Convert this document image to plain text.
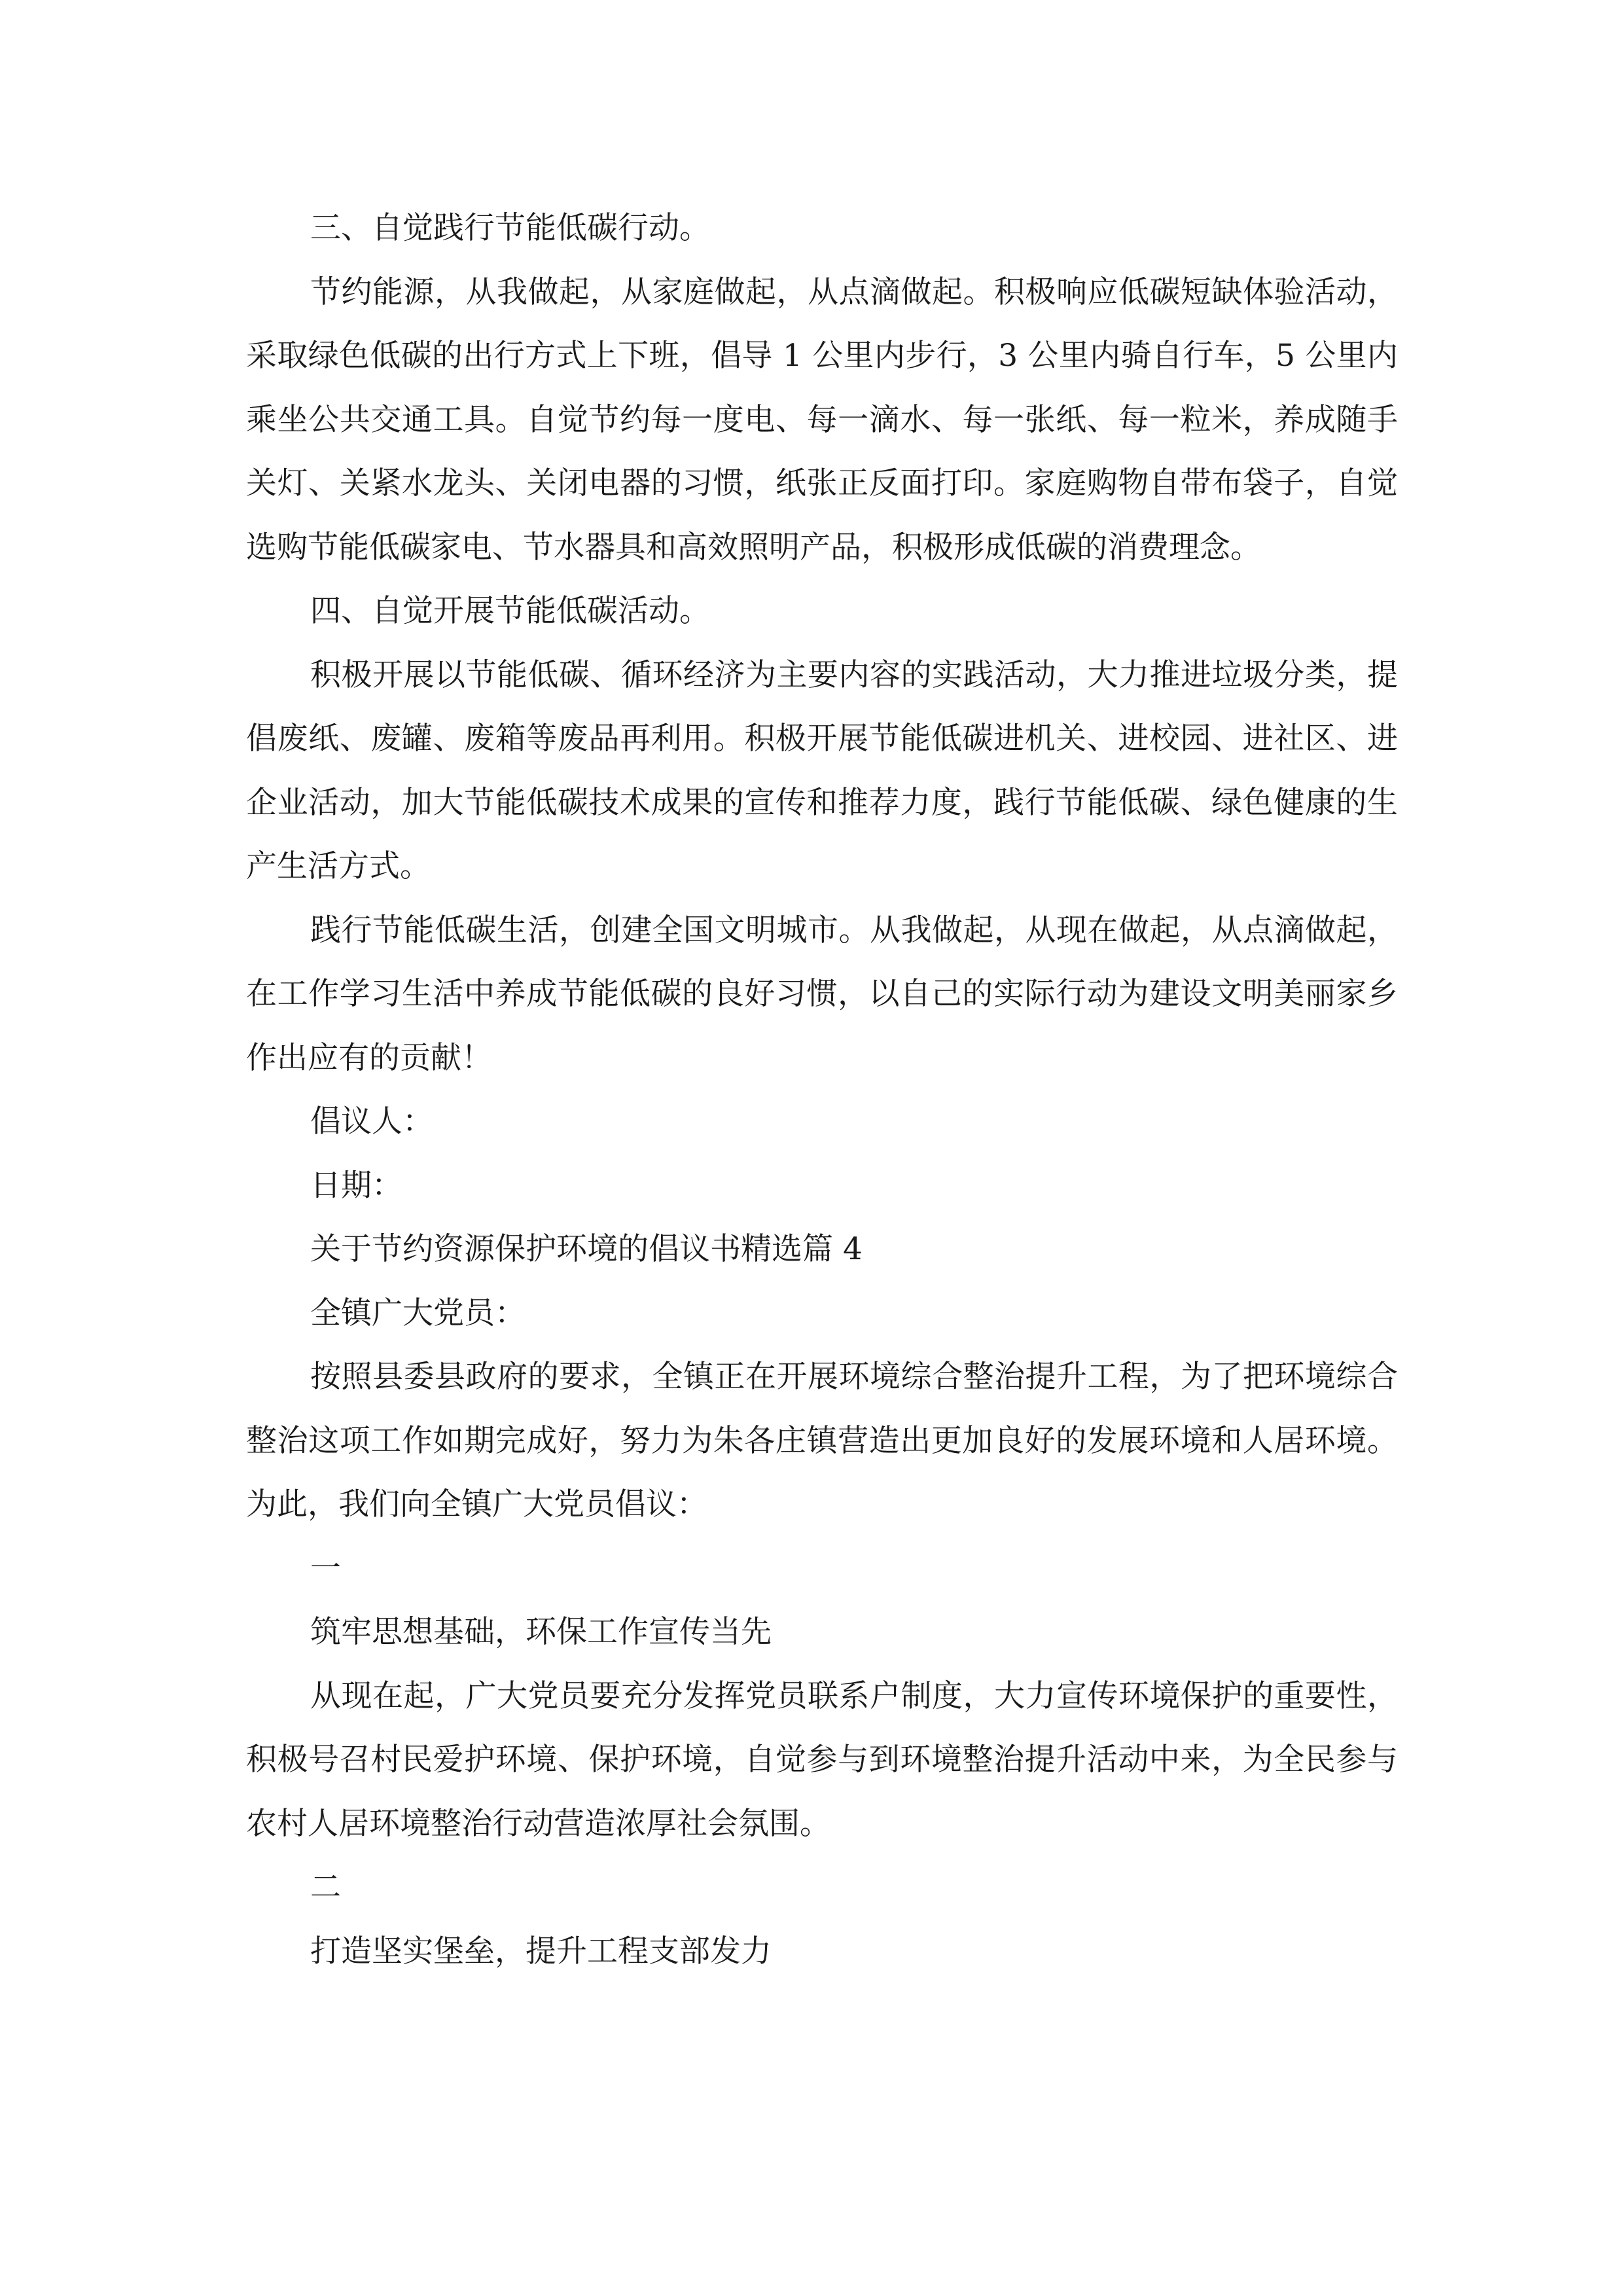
三、自觉践行节能低碳行动。

节约能源，从我做起，从家庭做起，从点滴做起。积极响应低碳短缺体验活动，采取绿色低碳的出行方式上下班，倡导 1 公里内步行，3 公里内骑自行车，5 公里内乘坐公共交通工具。自觉节约每一度电、每一滴水、每一张纸、每一粒米，养成随手关灯、关紧水龙头、关闭电器的习惯，纸张正反面打印。家庭购物自带布袋子，自觉选购节能低碳家电、节水器具和高效照明产品，积极形成低碳的消费理念。

四、自觉开展节能低碳活动。

积极开展以节能低碳、循环经济为主要内容的实践活动，大力推进垃圾分类，提倡废纸、废罐、废箱等废品再利用。积极开展节能低碳进机关、进校园、进社区、进企业活动，加大节能低碳技术成果的宣传和推荐力度，践行节能低碳、绿色健康的生产生活方式。

践行节能低碳生活，创建全国文明城市。从我做起，从现在做起，从点滴做起，在工作学习生活中养成节能低碳的良好习惯，以自己的实际行动为建设文明美丽家乡作出应有的贡献！

倡议人：

日期：

关于节约资源保护环境的倡议书精选篇 4

全镇广大党员：

按照县委县政府的要求，全镇正在开展环境综合整治提升工程，为了把环境综合整治这项工作如期完成好，努力为朱各庄镇营造出更加良好的发展环境和人居环境。为此，我们向全镇广大党员倡议：

一

筑牢思想基础，环保工作宣传当先

从现在起，广大党员要充分发挥党员联系户制度，大力宣传环境保护的重要性，积极号召村民爱护环境、保护环境，自觉参与到环境整治提升活动中来，为全民参与农村人居环境整治行动营造浓厚社会氛围。

二

打造坚实堡垒，提升工程支部发力
